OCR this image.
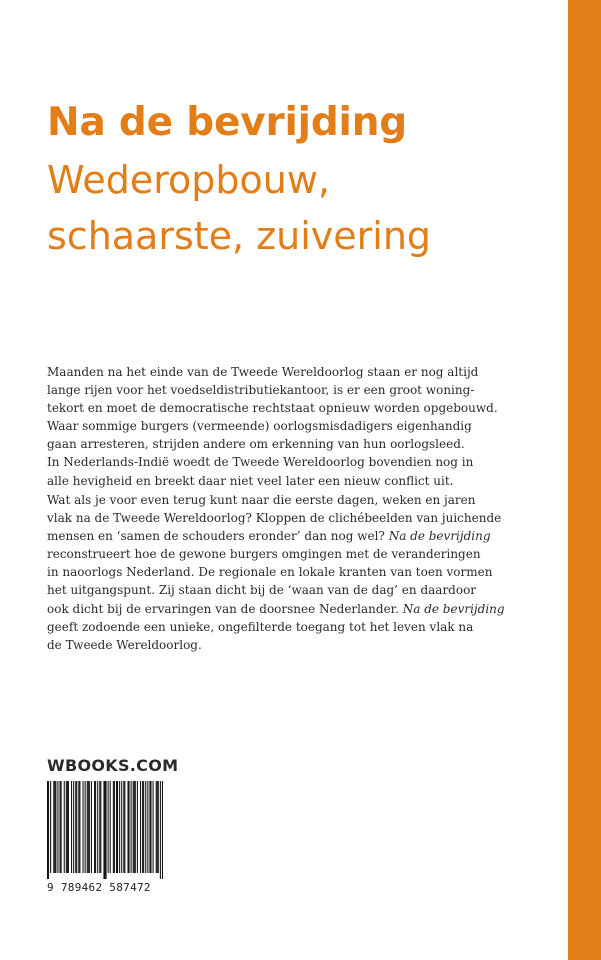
Na de bevrijding
Wederopbouw,
schaarste, zuivering
Maanden na het einde van de Tweede Wereldoorlog staan er nog altijd
lange rijen voor het voedseldistributiekantoor, is er een groot woning-
tekort en moet de democratische rechtstaat opnieuw worden opgebouwd.
Waar sommige burgers (vermeende) oorlogsmisdadigers eigenhandig
gaan arresteren, strijden andere om erkenning van hun oorlogsleed.
In Nederlands-Indië woedt de Tweede Wereldoorlog bovendien nog in
alle hevigheid en breekt daar niet veel later een nieuw conflict uit.
Wat als je voor even terug kunt naar die eerste dagen, weken en jaren
vlak na de Tweede Wereldoorlog? Kloppen de clichébeelden van juichende
mensen en ‘samen de schouders eronder’ dan nog wel? Na de bevrijding
reconstrueert hoe de gewone burgers omgingen met de veranderingen
in naoorlogs Nederland. De regionale en lokale kranten van toen vormen
het uitgangspunt. Zij staan dicht bij de ‘waan van de dag’ en daardoor
ook dicht bij de ervaringen van de doorsnee Nederlander. Na de bevrijding
geeft zodoende een unieke, ongefilterde toegang tot het leven vlak na
de Tweede Wereldoorlog.
WBOOKS.COM
9 789462 587472
